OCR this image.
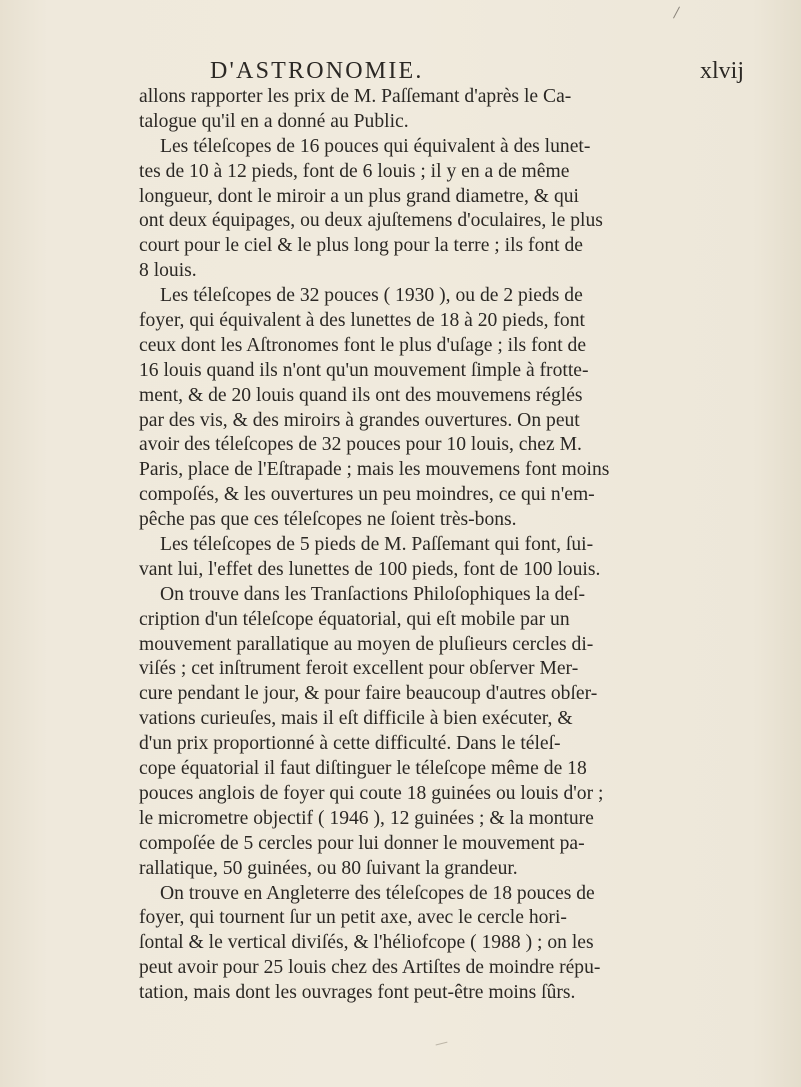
D'ASTRONOMIE.	xlvij
allons rapporter les prix de M. Paſſemant d'après le Ca-
talogue qu'il en a donné au Public.
Les téleſcopes de 16 pouces qui équivalent à des lunet-
tes de 10 à 12 pieds, font de 6 louis ; il y en a de même
longueur, dont le miroir a un plus grand diametre, & qui
ont deux équipages, ou deux ajuſtemens d'oculaires, le plus
court pour le ciel & le plus long pour la terre ; ils font de
8 louis.
Les téleſcopes de 32 pouces ( 1930 ), ou de 2 pieds de
foyer, qui équivalent à des lunettes de 18 à 20 pieds, font
ceux dont les Aſtronomes font le plus d'uſage ; ils font de
16 louis quand ils n'ont qu'un mouvement ſimple à frotte-
ment, & de 20 louis quand ils ont des mouvemens réglés
par des vis, & des miroirs à grandes ouvertures. On peut
avoir des téleſcopes de 32 pouces pour 10 louis, chez M.
Paris, place de l'Eſtrapade ; mais les mouvemens font moins
compoſés, & les ouvertures un peu moindres, ce qui n'em-
pêche pas que ces téleſcopes ne ſoient très-bons.
Les téleſcopes de 5 pieds de M. Paſſemant qui font, ſui-
vant lui, l'effet des lunettes de 100 pieds, font de 100 louis.
On trouve dans les Tranſactions Philoſophiques la deſ-
cription d'un téleſcope équatorial, qui eſt mobile par un
mouvement parallatique au moyen de pluſieurs cercles di-
viſés ; cet inſtrument feroit excellent pour obſerver Mer-
cure pendant le jour, & pour faire beaucoup d'autres obſer-
vations curieuſes, mais il eſt difficile à bien exécuter, &
d'un prix proportionné à cette difficulté. Dans le téleſ-
cope équatorial il faut diſtinguer le téleſcope même de 18
pouces anglois de foyer qui coute 18 guinées ou louis d'or ;
le micrometre objectif ( 1946 ), 12 guinées ; & la monture
compoſée de 5 cercles pour lui donner le mouvement pa-
rallatique, 50 guinées, ou 80 ſuivant la grandeur.
On trouve en Angleterre des téleſcopes de 18 pouces de
foyer, qui tournent ſur un petit axe, avec le cercle hori-
ſontal & le vertical diviſés, & l'héliofcope ( 1988 ) ; on les
peut avoir pour 25 louis chez des Artiſtes de moindre répu-
tation, mais dont les ouvrages font peut-être moins ſûrs.
